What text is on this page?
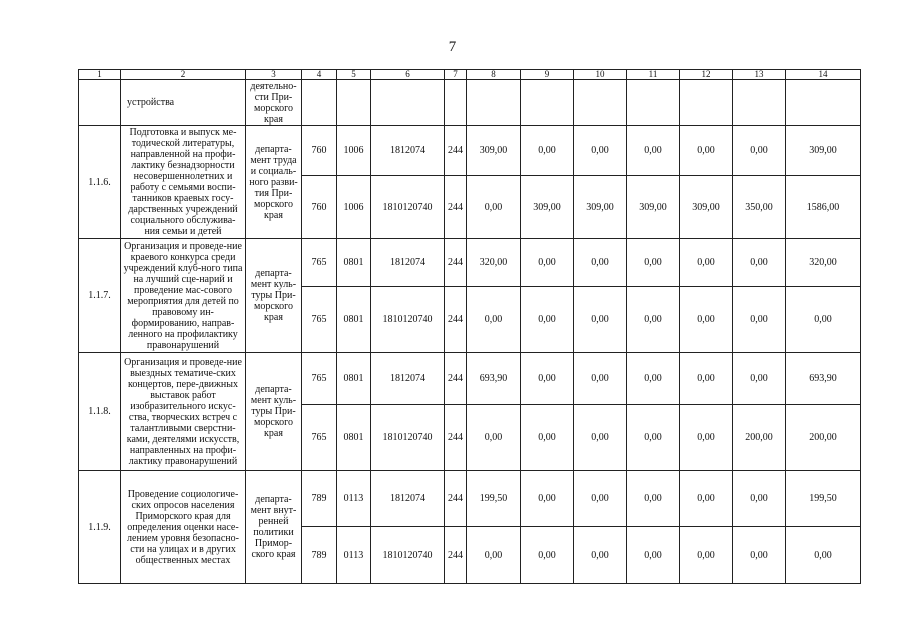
7
1	2	3	4	5	6	7	8	9	10	11	12	13	14
	устройства	деятельно-сти При-морского края											
1.1.6.	Подготовка и выпуск ме-тодической литературы, направленной на профи-лактику безнадзорности несовершеннолетних и работу с семьями воспи-танников краевых госу-дарственных учреждений социального обслужива-ния семьи и детей	департа-мент труда и социаль-ного разви-тия При-морского края	760	1006	1812074	244	309,00	0,00	0,00	0,00	0,00	0,00	309,00
			760	1006	1810120740	244	0,00	309,00	309,00	309,00	309,00	350,00	1586,00
1.1.7.	Организация и проведе-ние краевого конкурса среди учреждений клуб-ного типа на лучший сце-нарий и проведение мас-сового мероприятия для детей по правовому ин-формированию, направ-ленного на профилактику правонарушений	департа-мент куль-туры При-морского края	765	0801	1812074	244	320,00	0,00	0,00	0,00	0,00	0,00	320,00
			765	0801	1810120740	244	0,00	0,00	0,00	0,00	0,00	0,00	0,00
1.1.8.	Организация и проведе-ние выездных тематиче-ских концертов, пере-движных выставок работ изобразительного искус-ства, творческих встреч с талантливыми сверстни-ками, деятелями искусств, направленных на профи-лактику правонарушений	департа-мент куль-туры При-морского края	765	0801	1812074	244	693,90	0,00	0,00	0,00	0,00	0,00	693,90
			765	0801	1810120740	244	0,00	0,00	0,00	0,00	0,00	200,00	200,00
1.1.9.	Проведение социологиче-ских опросов населения Приморского края для определения оценки насе-лением уровня безопасно-сти на улицах и в других общественных местах	департа-мент внут-ренней политики Примор-ского края	789	0113	1812074	244	199,50	0,00	0,00	0,00	0,00	0,00	199,50
			789	0113	1810120740	244	0,00	0,00	0,00	0,00	0,00	0,00	0,00
